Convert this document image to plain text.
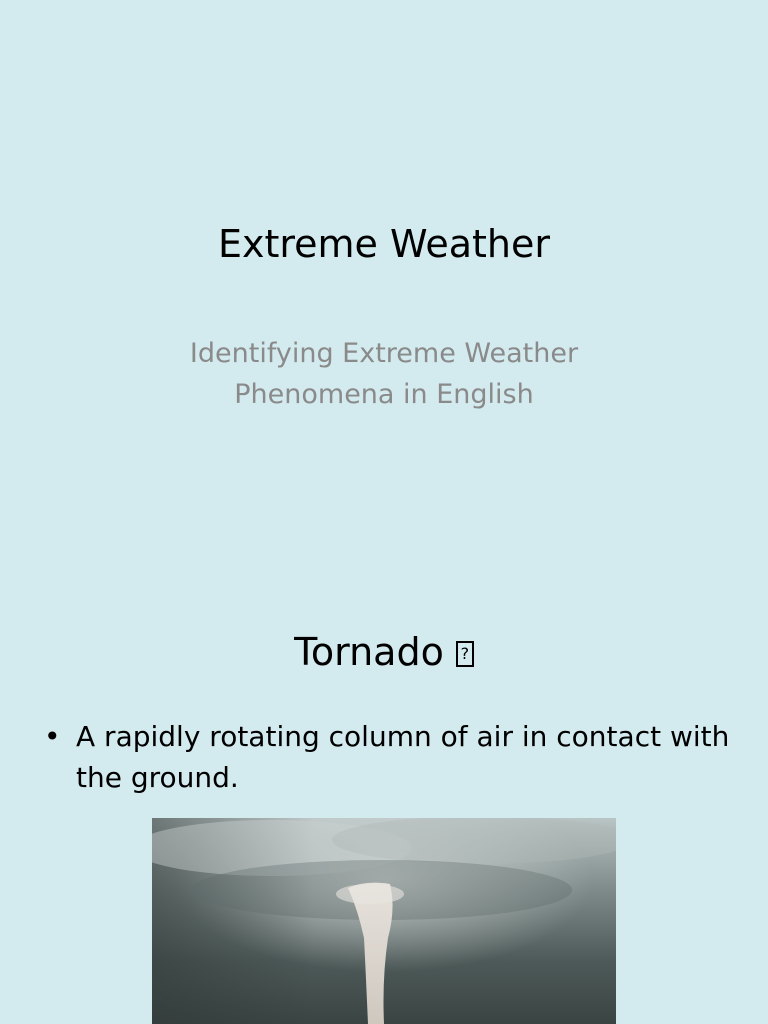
Extreme Weather
Identifying Extreme Weather
Phenomena in English
Tornado?
• A rapidly rotating column of air in contact with the ground.
